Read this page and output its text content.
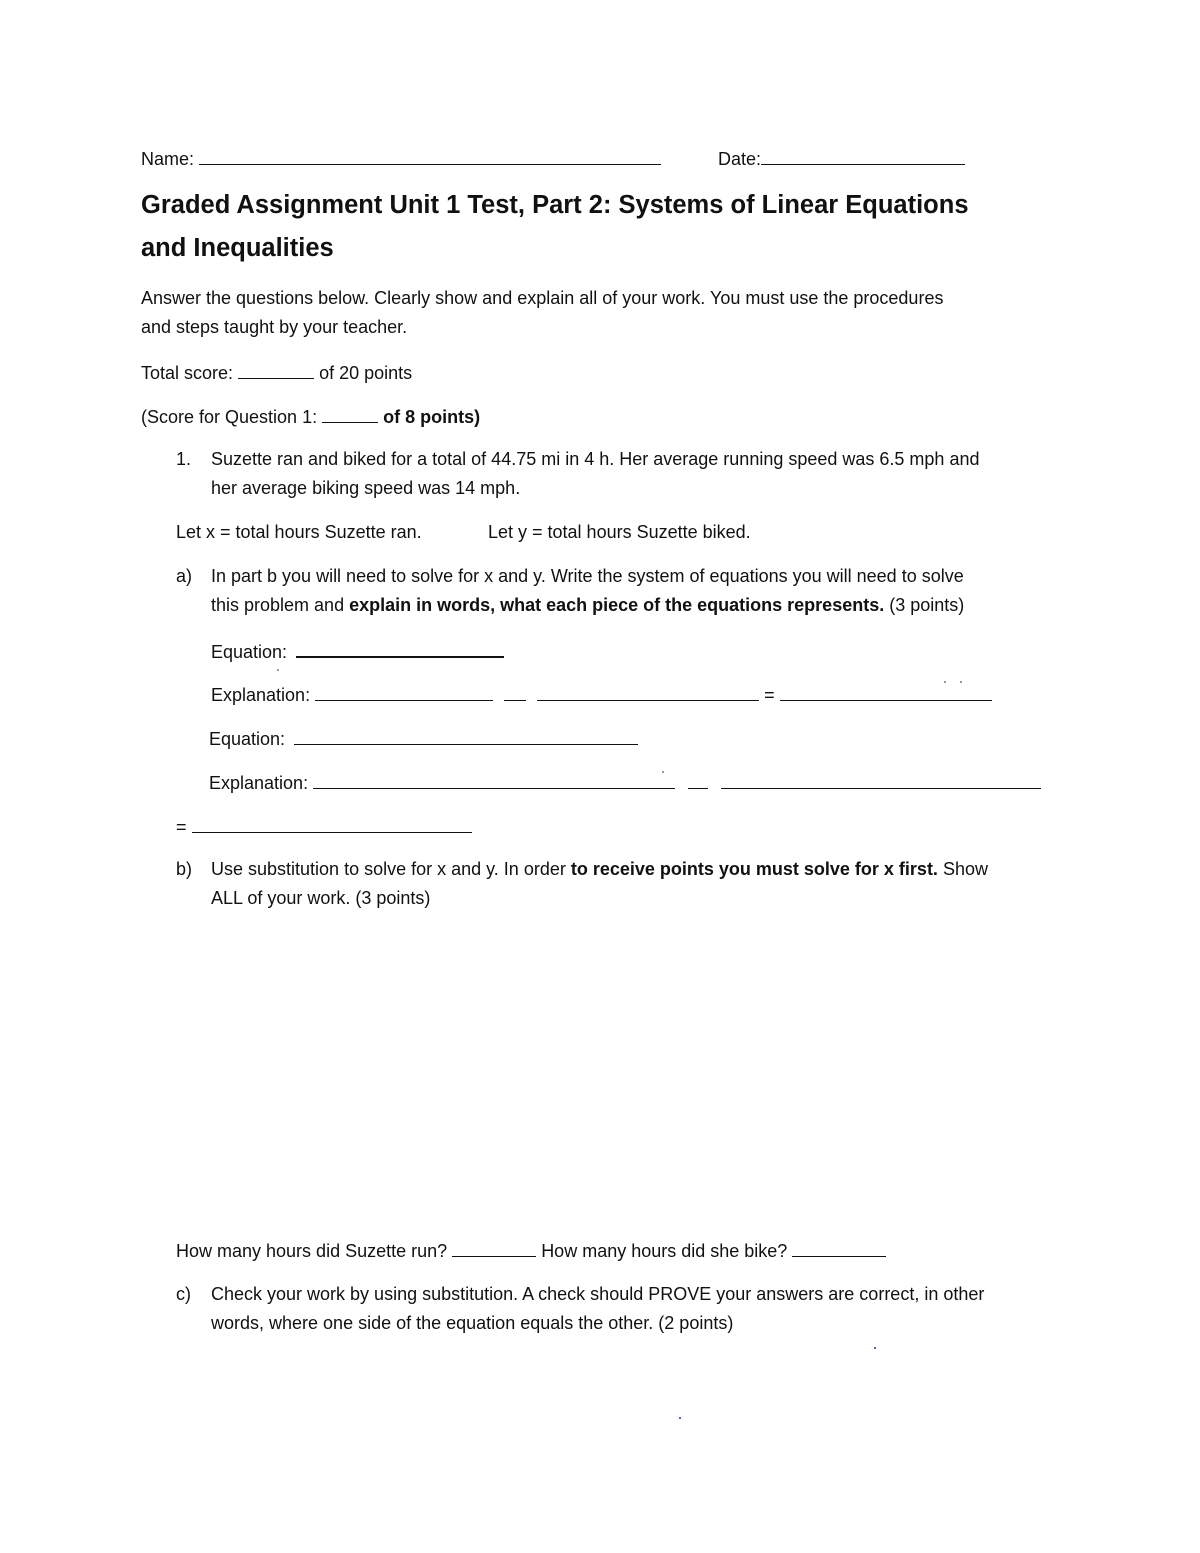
Name:	Date:
Graded Assignment Unit 1 Test, Part 2: Systems of Linear Equations
and Inequalities
Answer the questions below. Clearly show and explain all of your work. You must use the procedures
and steps taught by your teacher.
Total score:	of 20 points
(Score for Question 1:	of 8 points)
1. Suzette ran and biked for a total of 44.75 mi in 4 h. Her average running speed was 6.5 mph and
her average biking speed was 14 mph.
Let x = total hours Suzette ran.	Let y = total hours Suzette biked.
a) In part b you will need to solve for x and y. Write the system of equations you will need to solve
this problem and explain in words, what each piece of the equations represents. (3 points)
Equation:
Explanation:	=
Equation:
Explanation:
=
b) Use substitution to solve for x and y. In order to receive points you must solve for x first. Show
ALL of your work. (3 points)
How many hours did Suzette run?	How many hours did she bike?
c) Check your work by using substitution. A check should PROVE your answers are correct, in other
words, where one side of the equation equals the other. (2 points)
